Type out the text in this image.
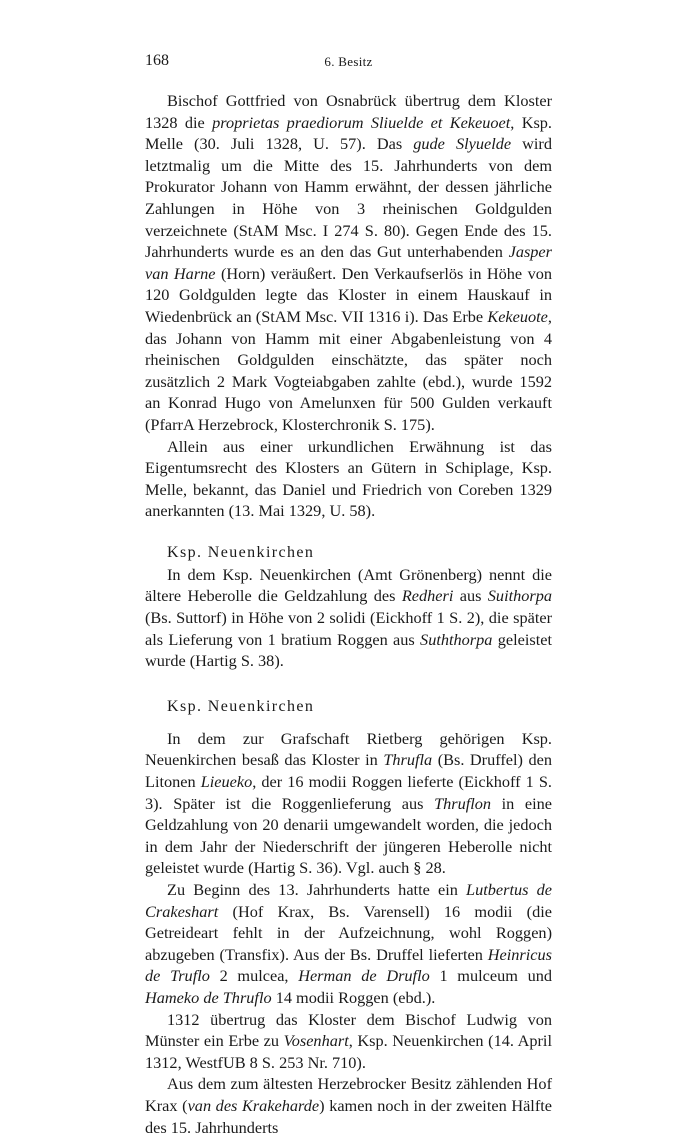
168	6. Besitz

Bischof Gottfried von Osnabrück übertrug dem Kloster 1328 die proprietas praediorum Sliuelde et Kekeuoet, Ksp. Melle (30. Juli 1328, U. 57). Das gude Slyuelde wird letztmalig um die Mitte des 15. Jahrhunderts von dem Prokurator Johann von Hamm erwähnt, der dessen jährliche Zahlungen in Höhe von 3 rheinischen Goldgulden verzeichnete (StAM Msc. I 274 S. 80). Gegen Ende des 15. Jahrhunderts wurde es an den das Gut unterhabenden Jasper van Harne (Horn) veräußert. Den Verkaufserlös in Höhe von 120 Goldgulden legte das Kloster in einem Hauskauf in Wiedenbrück an (StAM Msc. VII 1316 i). Das Erbe Kekeuote, das Johann von Hamm mit einer Abgabenleistung von 4 rheinischen Goldgulden einschätzte, das später noch zusätzlich 2 Mark Vogteiabgaben zahlte (ebd.), wurde 1592 an Konrad Hugo von Amelunxen für 500 Gulden verkauft (PfarrA Herzebrock, Klosterchronik S. 175).

Allein aus einer urkundlichen Erwähnung ist das Eigentumsrecht des Klosters an Gütern in Schiplage, Ksp. Melle, bekannt, das Daniel und Friedrich von Coreben 1329 anerkannten (13. Mai 1329, U. 58).

Ksp. Neuenkirchen

In dem Ksp. Neuenkirchen (Amt Grönenberg) nennt die ältere Heberolle die Geldzahlung des Redheri aus Suithorpa (Bs. Suttorf) in Höhe von 2 solidi (Eickhoff 1 S. 2), die später als Lieferung von 1 bratium Roggen aus Suththorpa geleistet wurde (Hartig S. 38).

Ksp. Neuenkirchen

In dem zur Grafschaft Rietberg gehörigen Ksp. Neuenkirchen besaß das Kloster in Thrufla (Bs. Druffel) den Litonen Lieueko, der 16 modii Roggen lieferte (Eickhoff 1 S. 3). Später ist die Roggenlieferung aus Thruflon in eine Geldzahlung von 20 denarii umgewandelt worden, die jedoch in dem Jahr der Niederschrift der jüngeren Heberolle nicht geleistet wurde (Hartig S. 36). Vgl. auch § 28.

Zu Beginn des 13. Jahrhunderts hatte ein Lutbertus de Crakeshart (Hof Krax, Bs. Varensell) 16 modii (die Getreideart fehlt in der Aufzeichnung, wohl Roggen) abzugeben (Transfix). Aus der Bs. Druffel lieferten Heinricus de Truflo 2 mulcea, Herman de Druflo 1 mulceum und Hameko de Thruflo 14 modii Roggen (ebd.).

1312 übertrug das Kloster dem Bischof Ludwig von Münster ein Erbe zu Vosenhart, Ksp. Neuenkirchen (14. April 1312, WestfUB 8 S. 253 Nr. 710).

Aus dem zum ältesten Herzebrocker Besitz zählenden Hof Krax (van des Krakeharde) kamen noch in der zweiten Hälfte des 15. Jahrhunderts
